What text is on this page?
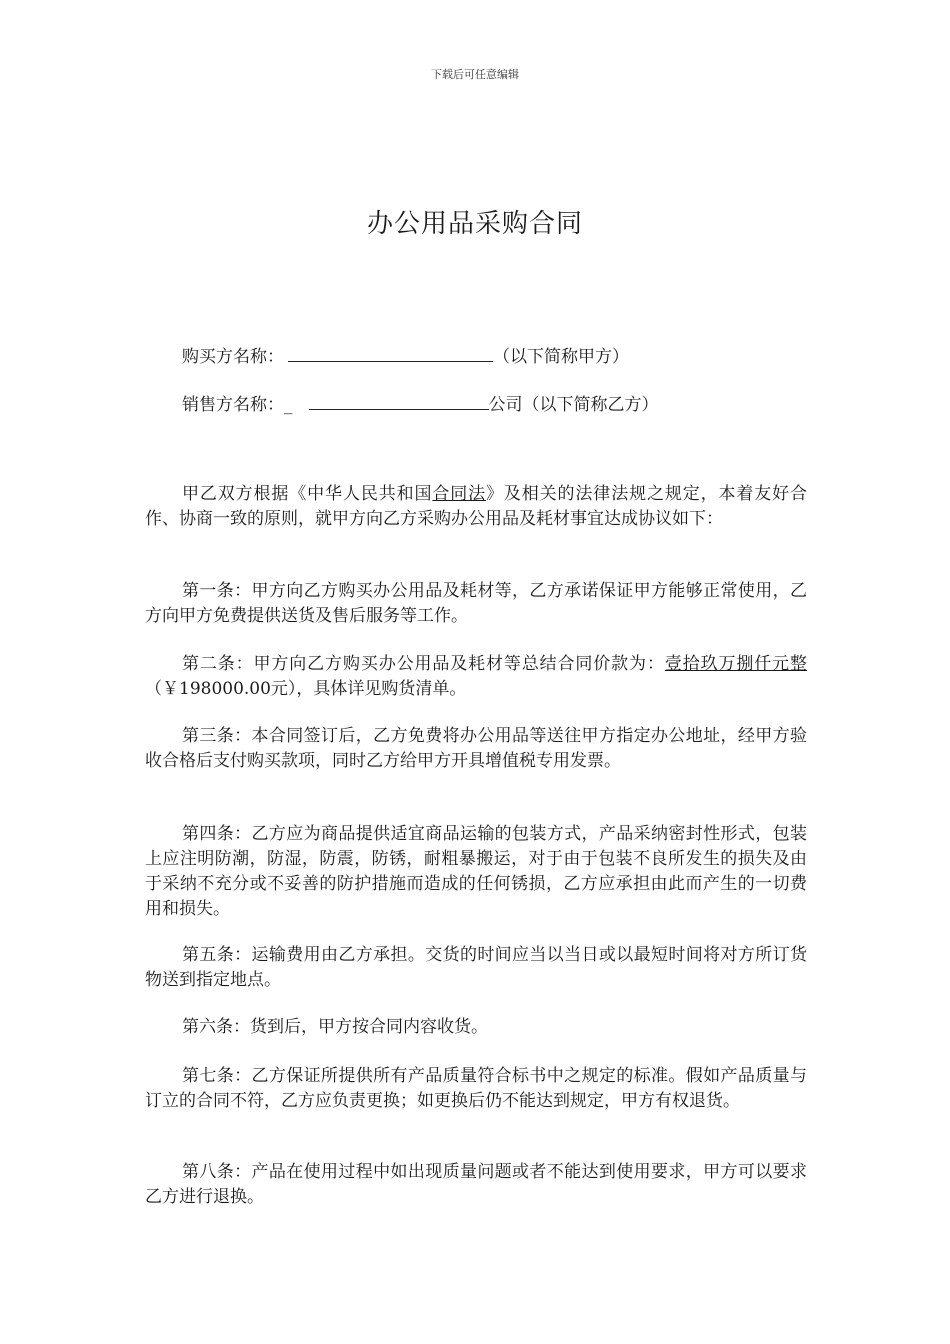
下载后可任意编辑
办公用品采购合同
购买方名称：	（以下简称甲方）
销售方名称：_	公司（以下简称乙方）
甲乙双方根据《中华人民共和国合同法》及相关的法律法规之规定，本着友好合作、协商一致的原则，就甲方向乙方采购办公用品及耗材事宜达成协议如下：
第一条：甲方向乙方购买办公用品及耗材等，乙方承诺保证甲方能够正常使用，乙方向甲方免费提供送货及售后服务等工作。
第二条：甲方向乙方购买办公用品及耗材等总结合同价款为：壹拾玖万捌仟元整（￥198000.00元），具体详见购货清单。
第三条：本合同签订后，乙方免费将办公用品等送往甲方指定办公地址，经甲方验收合格后支付购买款项，同时乙方给甲方开具增值税专用发票。
第四条：乙方应为商品提供适宜商品运输的包装方式，产品采纳密封性形式，包装上应注明防潮，防湿，防震，防锈，耐粗暴搬运，对于由于包装不良所发生的损失及由于采纳不充分或不妥善的防护措施而造成的任何锈损，乙方应承担由此而产生的一切费用和损失。
第五条：运输费用由乙方承担。交货的时间应当以当日或以最短时间将对方所订货物送到指定地点。
第六条：货到后，甲方按合同内容收货。
第七条：乙方保证所提供所有产品质量符合标书中之规定的标准。假如产品质量与订立的合同不符，乙方应负责更换；如更换后仍不能达到规定，甲方有权退货。
第八条：产品在使用过程中如出现质量问题或者不能达到使用要求，甲方可以要求乙方进行退换。
